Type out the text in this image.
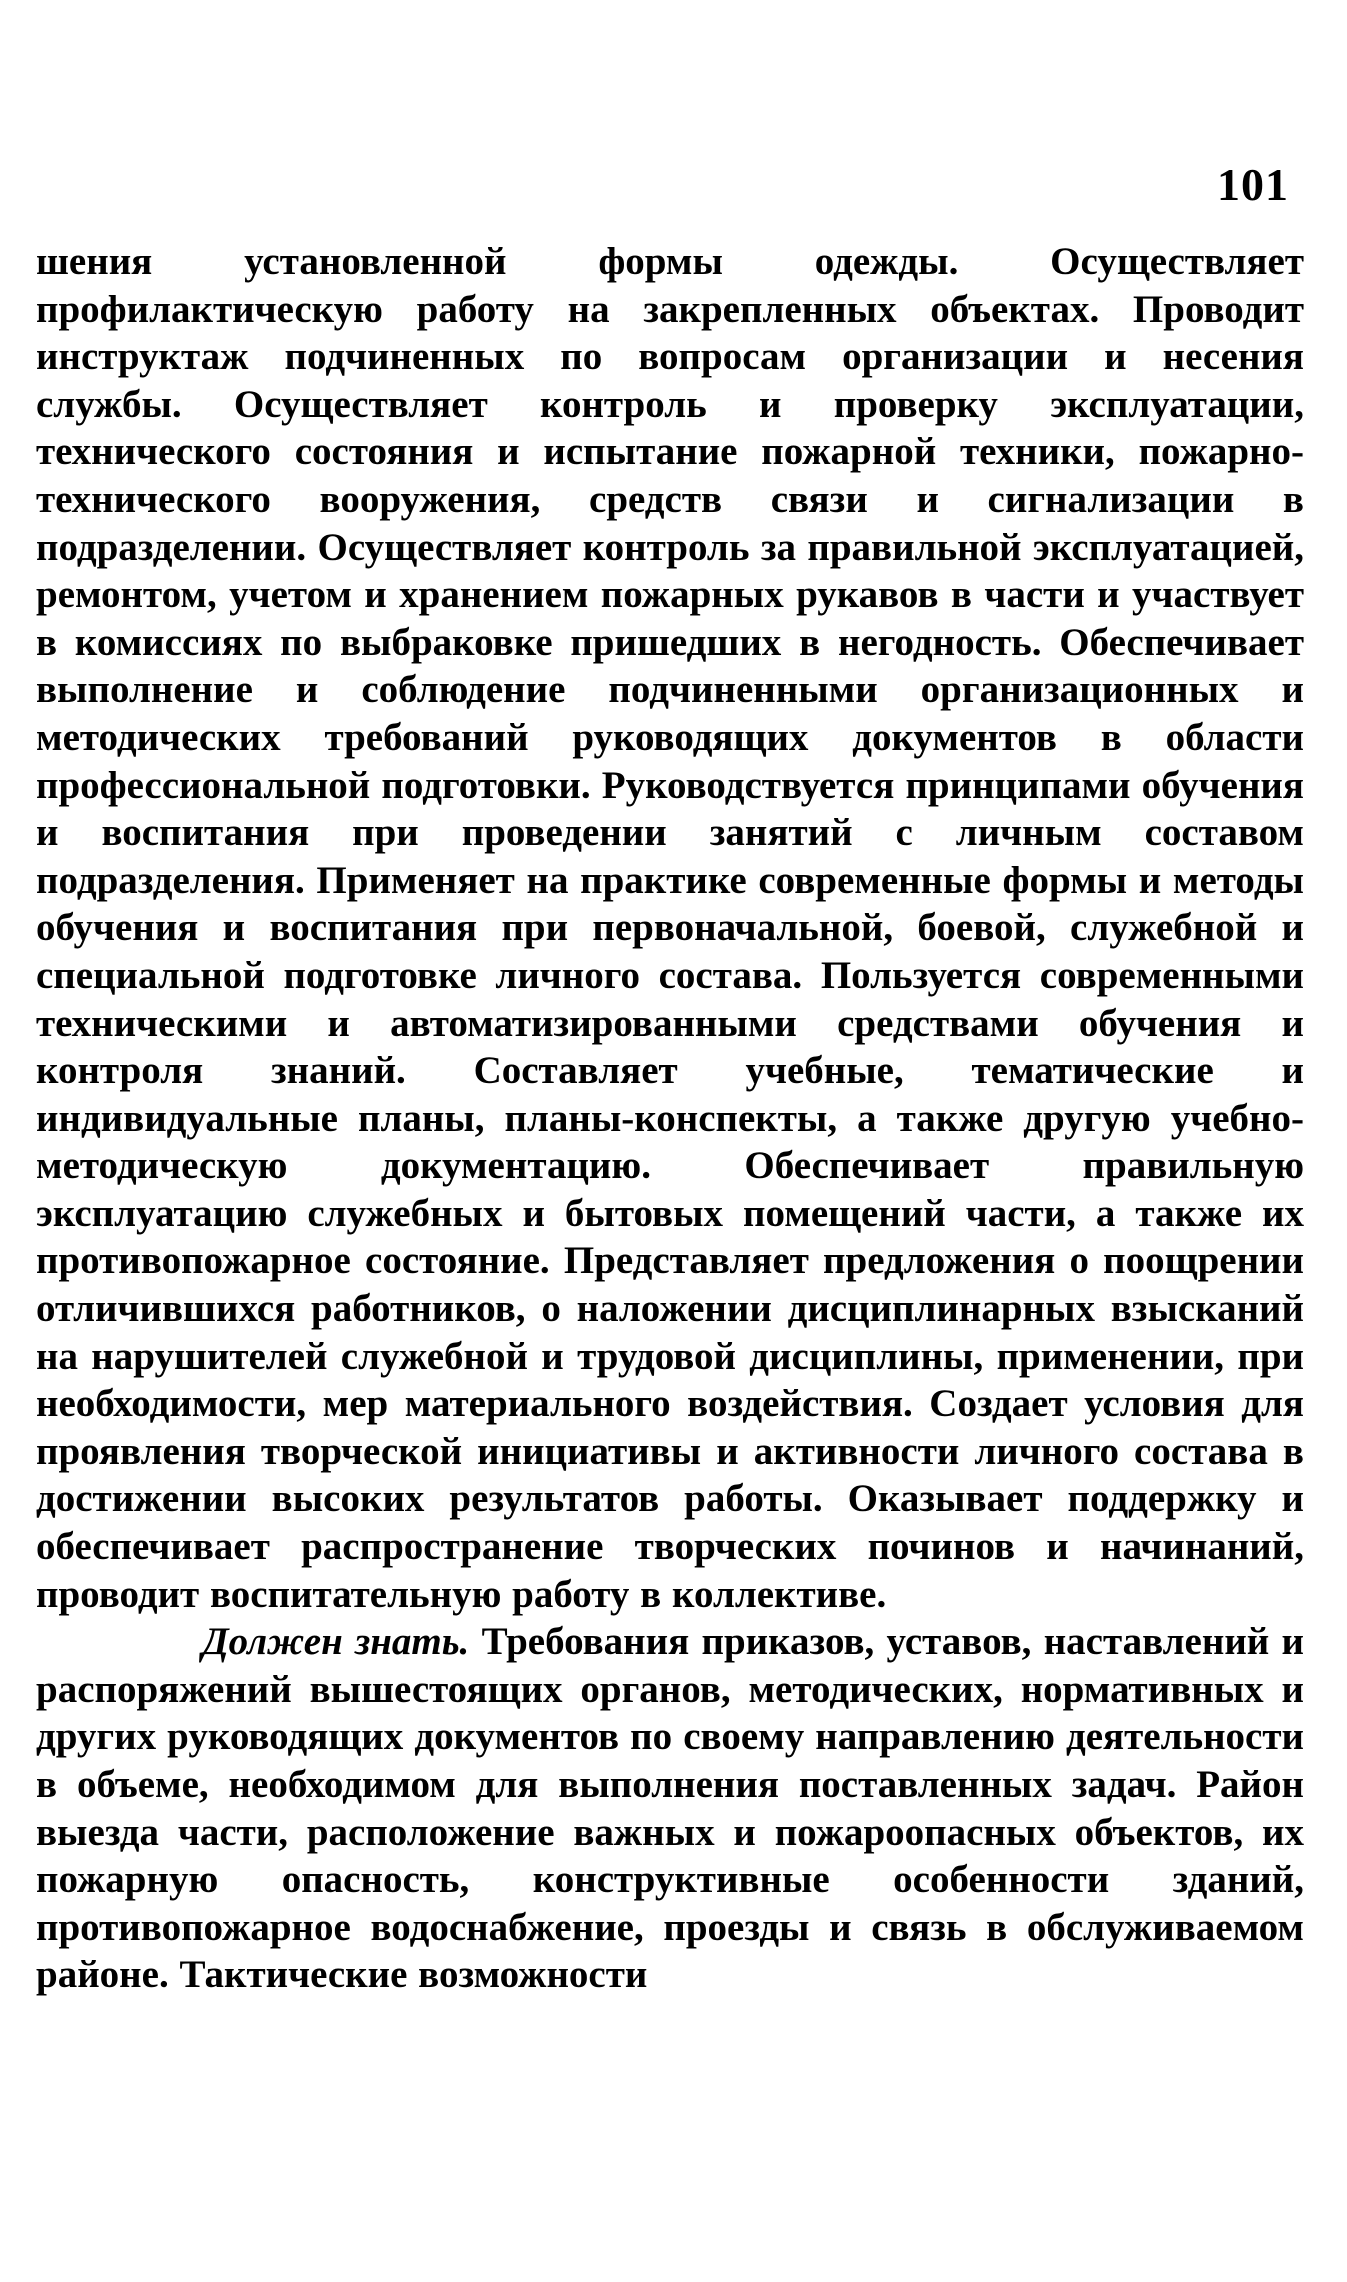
101

шения установленной формы одежды. Осуществляет профилактическую работу на закрепленных объектах. Проводит инструктаж подчиненных по вопросам организации и несения службы. Осуществляет контроль и проверку эксплуатации, технического состояния и испытание пожарной техники, пожарно-технического вооружения, средств связи и сигнализации в подразделении. Осуществляет контроль за правильной эксплуатацией, ремонтом, учетом и хранением пожарных рукавов в части и участвует в комиссиях по выбраковке пришедших в негодность. Обеспечивает выполнение и соблюдение подчиненными организационных и методических требований руководящих документов в области профессиональной подготовки. Руководствуется принципами обучения и воспитания при проведении занятий с личным составом подразделения. Применяет на практике современные формы и методы обучения и воспитания при первоначальной, боевой, служебной и специальной подготовке личного состава. Пользуется современными техническими и автоматизированными средствами обучения и контроля знаний. Составляет учебные, тематические и индивидуальные планы, планы-конспекты, а также другую учебно-методическую документацию. Обеспечивает правильную эксплуатацию служебных и бытовых помещений части, а также их противопожарное состояние. Представляет предложения о поощрении отличившихся работников, о наложении дисциплинарных взысканий на нарушителей служебной и трудовой дисциплины, применении, при необходимости, мер материального воздействия. Создает условия для проявления творческой инициативы и активности личного состава в достижении высоких результатов работы. Оказывает поддержку и обеспечивает распространение творческих починов и начинаний, проводит воспитательную работу в коллективе.

Должен знать. Требования приказов, уставов, наставлений и распоряжений вышестоящих органов, методических, нормативных и других руководящих документов по своему направлению деятельности в объеме, необходимом для выполнения поставленных задач. Район выезда части, расположение важных и пожароопасных объектов, их пожарную опасность, конструктивные особенности зданий, противопожарное водоснабжение, проезды и связь в обслуживаемом районе. Тактические возможности
